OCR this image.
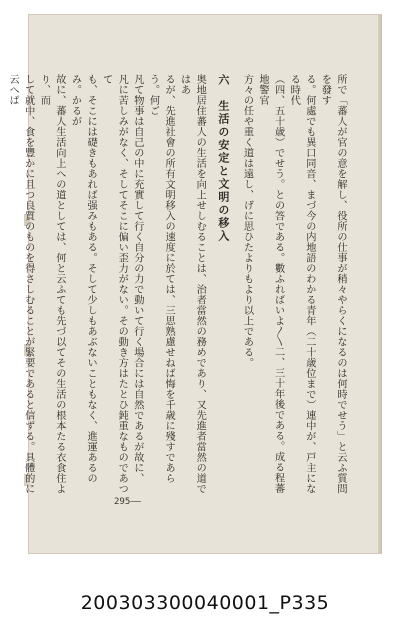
所で「蕃人が官の意を解し、役所の仕事が稍々やらくになるのは何時でせう」と云ふ質問を發す
る。何處でも異口同音、まづ今の内地語のわかる青年（二十歳位まで）連中が、戸主になる時代
（四、五十歳）でせう。との答である。數ふればいよ〳〵二、三十年後である。成る程蕃地警官
方々の任や重く道は遠し、げに思ひたよりもより以上である。
六　生活の安定と文明の移入
奥地居住蕃人の生活を向上せしむることは、治者當然の務めであり、又先進者當然の道ではあ
るが、先進社會の所有文明移入の速度に於ては、三思熟慮せねば悔を千歳に殘すであらう。何ご
凡て物事は自己の中に充實して行く自分の力で動いて行く場合には自然であるが故に、
凡に苦しみがなく、そしてそこに偏い歪力がない。その動き方はたとひ鈍重なものであつて
も、そこには礎きもあれば强みもある。そして少しもあぶないこともなく、進運あるのみ。かるが
故に、蕃人生活向上への道としては、何と云ふても先づ以てその生活の根本たる衣食住より、而
して就中、食を豐かに且つ良質のものを得さしむることが緊要であると信ずる。具體的に云へば
295——
200303300040001_P335
